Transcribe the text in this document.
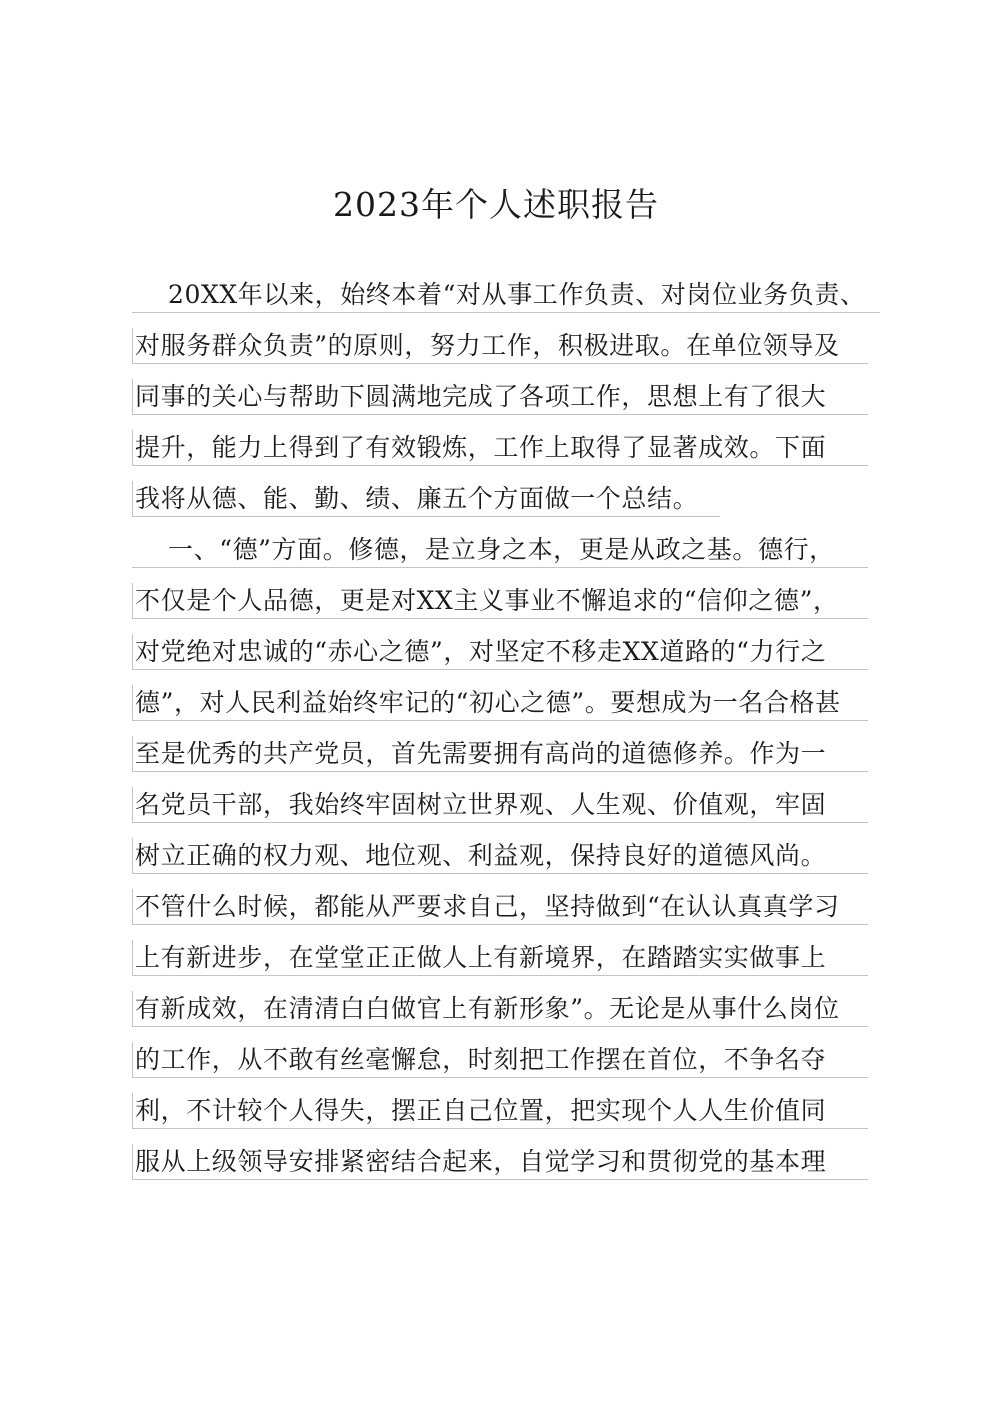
2023年个人述职报告
20XX年以来，始终本着“对从事工作负责、对岗位业务负责、
对服务群众负责”的原则，努力工作，积极进取。在单位领导及
同事的关心与帮助下圆满地完成了各项工作，思想上有了很大
提升，能力上得到了有效锻炼，工作上取得了显著成效。下面
我将从德、能、勤、绩、廉五个方面做一个总结。
一、“德”方面。修德，是立身之本，更是从政之基。德行，
不仅是个人品德，更是对XX主义事业不懈追求的“信仰之德”，
对党绝对忠诚的“赤心之德”，对坚定不移走XX道路的“力行之
德”，对人民利益始终牢记的“初心之德”。要想成为一名合格甚
至是优秀的共产党员，首先需要拥有高尚的道德修养。作为一
名党员干部，我始终牢固树立世界观、人生观、价值观，牢固
树立正确的权力观、地位观、利益观，保持良好的道德风尚。
不管什么时候，都能从严要求自己，坚持做到“在认认真真学习
上有新进步，在堂堂正正做人上有新境界，在踏踏实实做事上
有新成效，在清清白白做官上有新形象”。无论是从事什么岗位
的工作，从不敢有丝毫懈怠，时刻把工作摆在首位，不争名夺
利，不计较个人得失，摆正自己位置，把实现个人人生价值同
服从上级领导安排紧密结合起来，自觉学习和贯彻党的基本理
